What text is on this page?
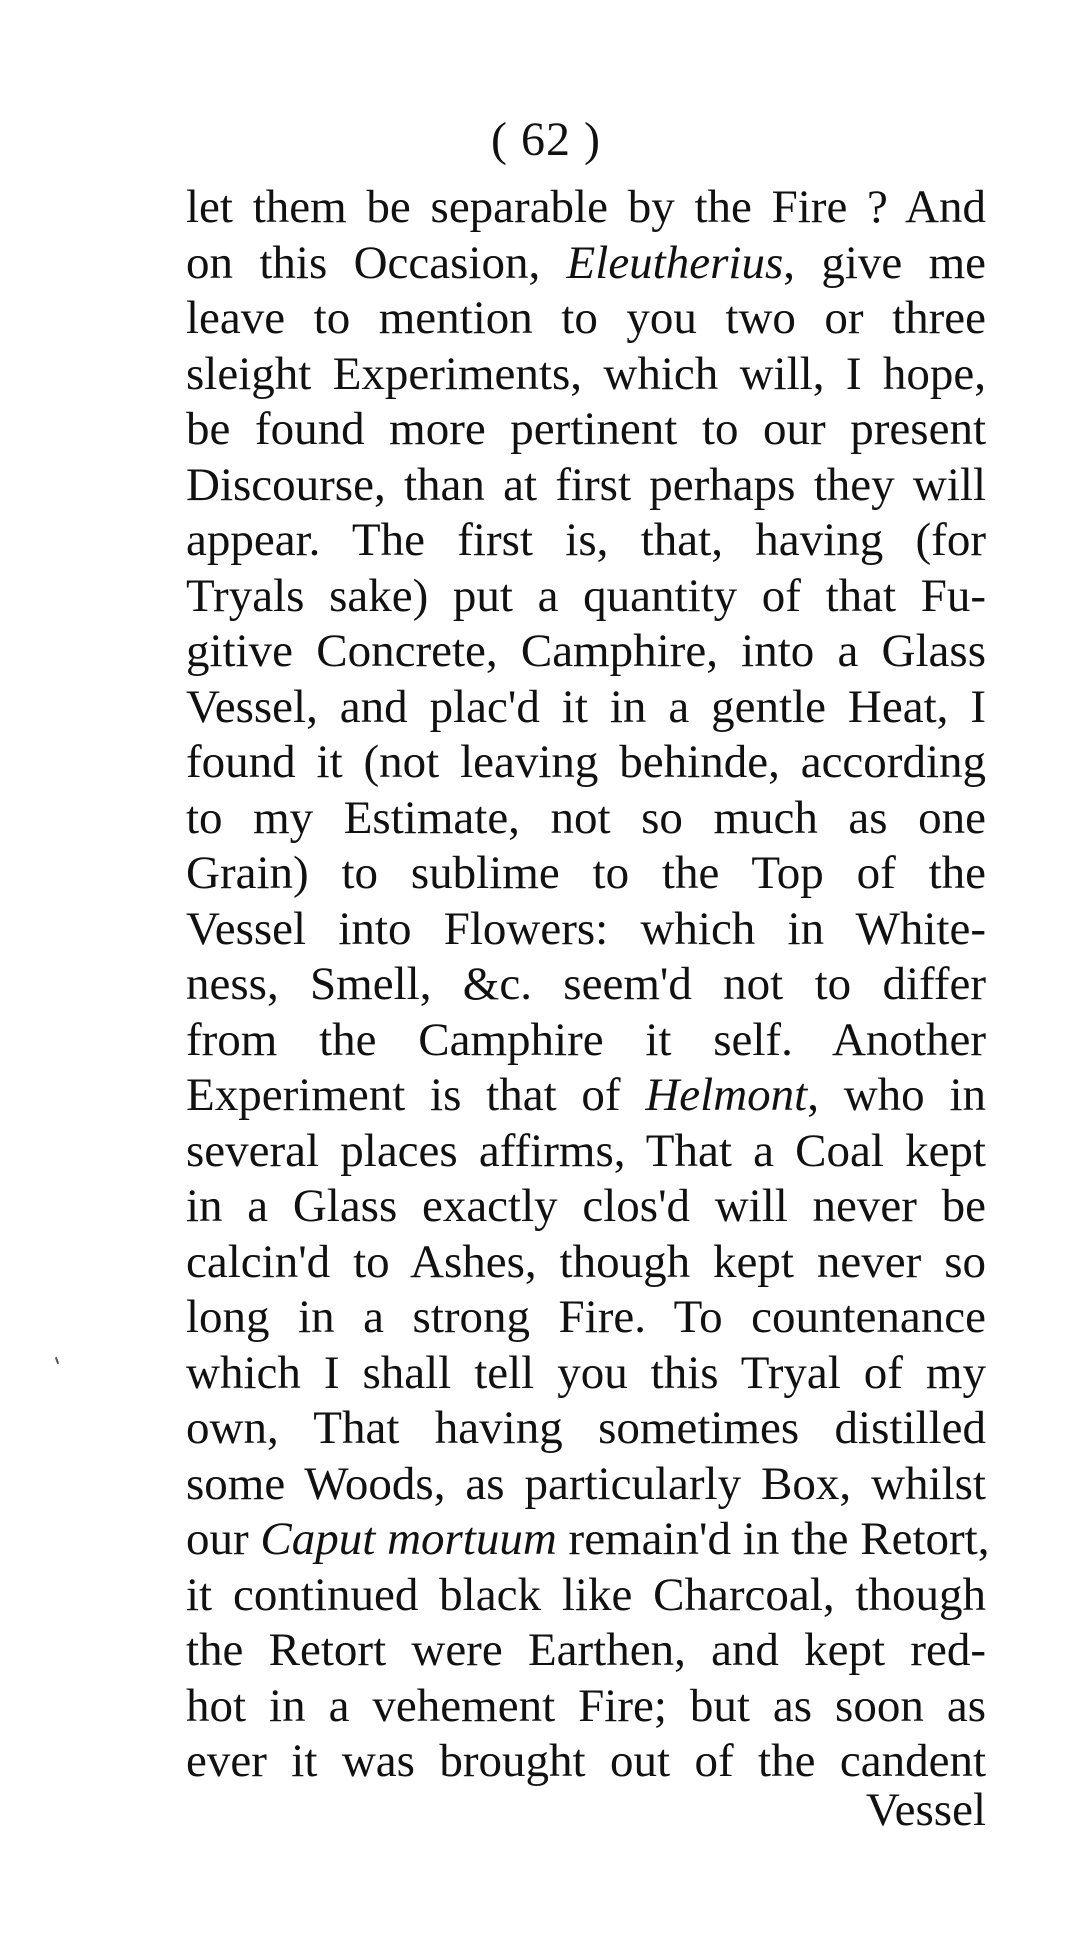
( 62 )
let them be separable by the Fire ? And
on this Occasion, Eleutherius, give me
leave to mention to you two or three
sleight Experiments, which will, I hope,
be found more pertinent to our present
Discourse, than at first perhaps they will
appear. The first is, that, having (for
Tryals sake) put a quantity of that Fu-
gitive Concrete, Camphire, into a Glass
Vessel, and plac'd it in a gentle Heat, I
found it (not leaving behinde, according
to my Estimate, not so much as one
Grain) to sublime to the Top of the
Vessel into Flowers: which in White-
ness, Smell, &c. seem'd not to differ
from the Camphire it self. Another
Experiment is that of Helmont, who in
several places affirms, That a Coal kept
in a Glass exactly clos'd will never be
calcin'd to Ashes, though kept never so
long in a strong Fire. To countenance
which I shall tell you this Tryal of my
own, That having sometimes distilled
some Woods, as particularly Box, whilst
our Caput mortuum remain'd in the Retort,
it continued black like Charcoal, though
the Retort were Earthen, and kept red-
hot in a vehement Fire; but as soon as
ever it was brought out of the candent
Vessel
